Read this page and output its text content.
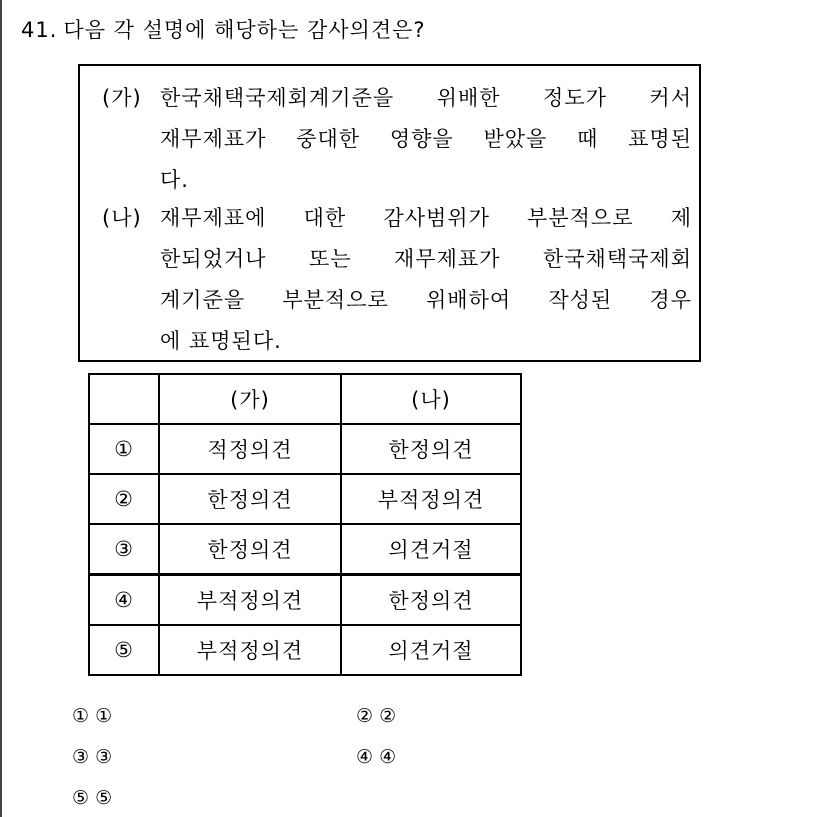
41. 다음 각 설명에 해당하는 감사의견은?
(가) 한국채택국제회계기준을 위배한 정도가 커서
재무제표가 중대한 영향을 받았을 때 표명된
다.
(나) 재무제표에 대한 감사범위가 부분적으로 제
한되었거나 또는 재무제표가 한국채택국제회
계기준을 부분적으로 위배하여 작성된 경우
에 표명된다.
	(가)	(나)
①	적정의견	한정의견
②	한정의견	부적정의견
③	한정의견	의견거절
④	부적정의견	한정의견
⑤	부적정의견	의견거절
① ①	② ②
③ ③	④ ④
⑤ ⑤
